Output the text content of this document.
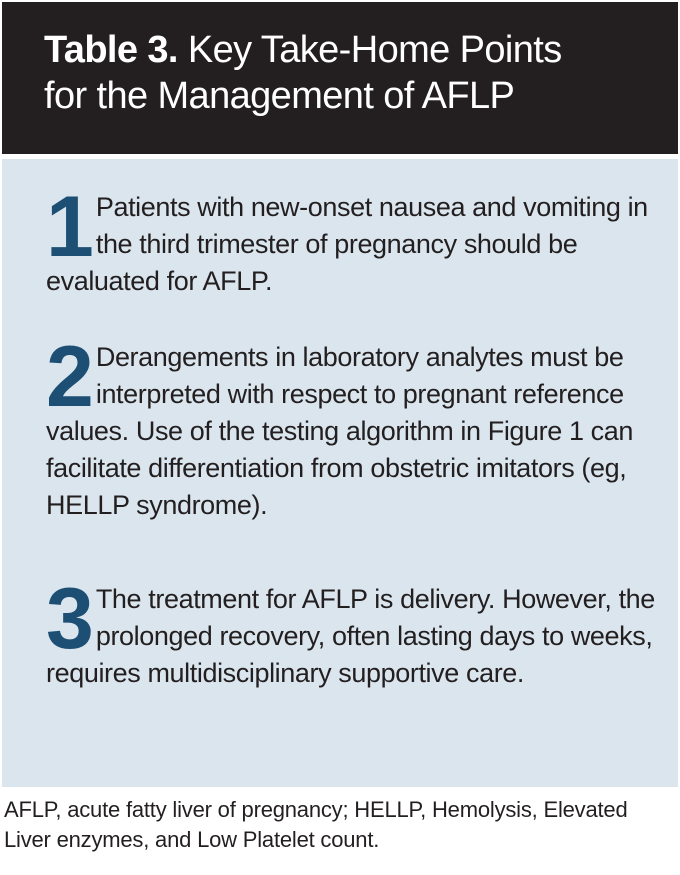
Table 3. Key Take-Home Points
for the Management of AFLP
1 Patients with new-onset nausea and vomiting in the third trimester of pregnancy should be evaluated for AFLP.
2 Derangements in laboratory analytes must be interpreted with respect to pregnant reference values. Use of the testing algorithm in Figure 1 can facilitate differentiation from obstetric imitators (eg, HELLP syndrome).
3 The treatment for AFLP is delivery. However, the prolonged recovery, often lasting days to weeks, requires multidisciplinary supportive care.
AFLP, acute fatty liver of pregnancy; HELLP, Hemolysis, Elevated Liver enzymes, and Low Platelet count.
